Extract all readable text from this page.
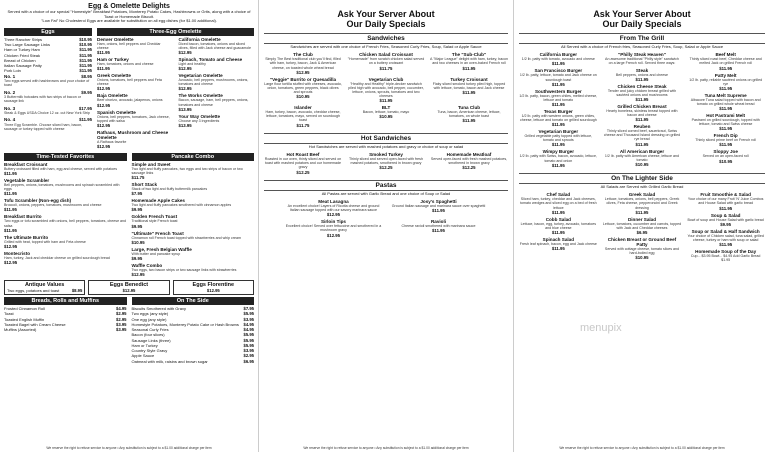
Egg & Omelette Delights
Served with a choice of our special "Homestyle" Breakfast Potatoes, Monterey Potato Cakes, Hashbrowns or Grits, along with a choice of Toast or Homemade Biscuit.
"Low Fat" No Cholesterol Eggs are available for substitution on all egg dishes (for $1.00 additional).
Eggs
Three Rancher Strips	$10.95
Two Large Sausage Links	$10.95
Ham or Turkey Ham	$11.95
Chicken Fried Steak	$11.95
Breast of Chicken	$11.95
Italian Sausage Patty	$11.95
Pork Loin	$11.95
No. 1	$8.95
Two eggs served with hashbrowns and your choice of toast
No. 2	$9.95
3 Buttermilk hotcakes with two strips of bacon or sausage link
No. 3	$17.95
Steak & Eggs USDA Choice 12 oz. cut New York Strip
No. 4	$11.95
Three Egg Scramble. Choose sliced ham, bacon, sausage or turkey topped with cheese
Three-Egg Omelette
Denver Omelette
Ham, onions, bell peppers and Cheddar cheese
$11.95
Ham or Turkey
Ham, tomatoes, onions and cheese
$11.95
Greek Omelette
Onions, tomatoes, bell peppers and Feta cheese
$12.95
Baja Omelette
Beef chorizo, avocado, jalapenos, onions
$12.95
Spanish Omelette
Onions, bell peppers, tomatoes, Jack cheese, topped with salsa
$12.95
Rathaus, Mushroom and Cheese Omelette
A Rathaus favorite
$12.95
California Omelette
Diced bacon, tomatoes, onions and sliced olives, filled with Jack cheese and guacamole
$12.95
Spinach, Tomato and Cheese
Light and healthy
$12.95
Vegetarian Omelette
Avocado, bell peppers, mushrooms, onions, tomatoes and cheese
$12.95
The Works Omelette
Bacon, sausage, ham, bell peppers, onions, tomatoes and cheese
$13.95
Your Way Omelette
Choose any 3 ingredients
$13.95
Time-Tested Favorites
Breakfast Croissant
Buttery croissant filled with ham, egg and cheese, served with potatoes
$11.95
Vegetable Scrambler
Bell peppers, onions, tomatoes, mushrooms and spinach scrambled with eggs
$11.95
Tofu Scrambler (Non-egg dish)
Broccoli, onions, peppers, tomatoes, mushrooms and cheese
$11.95
Breakfast Burrito
Two eggs or tofu scrambled with onions, bell peppers, tomatoes, cheese and salsa
$11.95
The Ultimate Burrito
Grilled with heat, topped with ham and Feta cheese
$12.95
Montecristo
Ham, turkey, Jack and cheddar cheese on grilled sourdough bread
$12.95
Pancake Combo
Simple and Sweet
Two light and fluffy pancakes, two eggs and two strips of bacon or two sausage links
$11.75
Short Stack
Stack of two light and fluffy buttermilk pancakes
$7.95
Homemade Apple Cakes
Two light and fluffy pancakes smothered with cinnamon apples
$9.95
Golden French Toast
Traditional style French toast
$9.95
"Ultimate" French Toast
Cinnamon roll French toast topped with strawberries and whip cream
$10.95
Large, Fresh Belgian Waffle
With butter and pancake syrup
$9.95
Waffle Combo
Two eggs, two bacon strips or two sausage links with strawberries
$12.95
Antique Values
Two eggs, potatoes and toast	$8.95
Eggs Benedict
$12.95
Eggs Florentine
$12.95
Breads, Rolls and Muffins
Frosted Cinnamon Roll	$4.95
Toast	$2.95
Toasted English Muffin	$2.95
Toasted Bagel with Cream Cheese	$3.95
Muffins (Assorted)	$3.95
On The Side
Biscuits Smothered with Gravy	$7.95
Two eggs (any style)	$5.95
One egg (any style)	$3.95
Homestyle Potatoes, Monterey Potato Cake or Hash Browns $4.95
Seasonal Curly Fries	$4.95
Bacon (four slices)	$5.95
Sausage Links (three)	$5.95
Ham or Turkey	$5.95
Country Style Gravy	$3.95
Apple Sauce	$2.95
Oatmeal with milk, raisins and brown sugar	$6.95
We reserve the right to refuse service to anyone • Any substitution is subject to a $1.00 additional charge per item
Ask Your Server About
Our Daily Specials
Sandwiches
Sandwiches are served with one choice of French Fries, Seasoned Curly Fries, Soup, Salad or Apple Sauce
The Club
Simply The Best traditional club you'll find, filled with ham, turkey, bacon, Jack & American cheese, on toasted whole wheat bread
$12.95
Chicken Salad Croissant
"Homemade" from scratch chicken salad served on a buttery croissant
$11.75
The "Sub-Club"
A "Major League" delight with ham, turkey, bacon and two cheeses in an oven-baked French roll
$11.95
"Veggie" Burrito or Quesadilla
Large flour tortilla stuffed with cheeses, avocado, onion, tomatoes, green peppers, black olives and sprouts
$10.95
Vegetarian Club
"Healthy and Healthy" triple-decker sandwich piled high with avocado, bell pepper, cucumber, lettuce, onions, sprouts, tomatoes and two cheeses
$11.95
Turkey Croissant
Flaky sliced smoked turkey piled high, topped with lettuce, tomato, bacon and Jack cheese
$11.95
Islander
Ham, turkey, bacon, avocado, cheddar cheese, lettuce, tomatoes, mayo, served on sourdough toast
$11.75
BLT
Bacon, lettuce, tomato, mayo
$10.95
Tuna Club
Tuna, bacon, American cheese, lettuce, tomatoes, on whole toast
$11.95
Hot Sandwiches
Hot Sandwiches are served with mashed potatoes and gravy or choice of soup or salad
Hot Roast Beef
Roasted in our oven, thinly sliced and served on toast with mashed potatoes and our homemade gravy
$12.25
Smoked Turkey
Thinly sliced and served open-faced with fresh mashed potatoes, smothered in brown gravy
$12.25
Homemade Meatloaf
Served open-faced with fresh mashed potatoes, smothered in brown gravy
$12.25
Pastas
All Pastas are served with Garlic Bread and one choice of Soup or Salad
Meat Lasagna
An excellent choice! Layers of Ricotta cheese and ground Italian sausage topped with our savory marinara sauce
$12.95
Josy's Spaghetti
Ground Italian sausage and marinara sauce over spaghetti
$11.95
Sirloin Tips
Excellent choice! Served over fettuccine and smothered in a mushroom gravy
$12.95
Ravioli
Cheese ravioli smothered with marinara sauce
$11.95
We reserve the right to refuse service to anyone • Any substitution is subject to a $1.00 additional charge per item
Ask Your Server About
Our Daily Specials
From The Grill
All Served with a choice of French fries, Seasoned Curly Fries, Soup, Salad or Apple Sauce
California Burger
1/2 lb. patty with tomato, avocado and cheese
$11.95
San Francisco Burger
1/2 lb. patty, lettuce, tomato and Jack cheese on sourdough toast
$11.95
Southwestern Burger
1/2 lb. patty, bacon, green chiles, melted cheese, lettuce and tomato
$11.95
Texas Burger
1/2 lb. patty with western onions, green chiles, cheese, lettuce and tomato on grilled sourdough
$11.95
Vegetarian Burger
Grilled vegetable patty topped with lettuce, tomato and sprouts
$11.95
Wimpy Burger
1/2 lb. patty with Swiss, bacon, avocado, lettuce, tomato and onion
$11.95
"Philly Steak Heaven"
An awesome traditional "Philly style" sandwich on a large French roll. Served three ways:
Steak
Bell peppers, onions and cheese
$11.95
Chicken Cheese Steak
Tender and juicy chicken breast grilled with sautéed onions and mushrooms
$11.95
Grilled Chicken Breast
Hearty boneless, skinless breast topped with bacon and cheese
$11.95
Reuben
Thinly sliced corned beef, sauerkraut, Swiss cheese and Thousand Island dressing on grilled rye bread
$11.95
All American Burger
1/2 lb. patty with American cheese, lettuce and tomato
$10.95
Beef Melt
Thinly sliced roast beef, Cheddar cheese and melted Jack on grilled French roll
$11.95
Patty Melt
1/2 lb. patty, reliable sautéed onions on grilled rye
$11.95
Tuna Melt Supreme
Albacore Tuna salad topped with bacon and tomato on grilled whole wheat bread
$11.95
Hot Pastrami Melt
Pastrami on grilled sourdough, topped with lettuce, tomato and Swiss cheese
$11.95
French Dip
Thinly sliced prime beef on French roll
$11.95
Sloppy Joe
Served on an open-faced roll
$10.95
On The Lighter Side
All Salads are Served with Grilled Garlic Bread
Chef Salad
Sliced ham, turkey, cheddar and Jack cheeses, tomato wedges and sliced egg on a bed of fresh lettuce
$11.95
Cobb Salad
Lettuce, bacon, egg, turkey, avocado, tomatoes and blue cheese
$11.95
Spinach Salad
Fresh leaf spinach, bacon, egg and Jack cheese
$11.95
Greek Salad
Lettuce, tomatoes, onions, bell peppers, Greek olives, Feta cheese, pepperoncini and Greek dressing
$11.95
Dinner Salad
Lettuce, tomatoes, cucumber and carrots, topped with Jack and Cheddar cheeses
$6.95
Chicken Breast or Ground Beef Patty
Served with cottage cheese, tomato slices and hard-boiled egg
$10.95
Fruit Smoothie & Salad
Your choice of our many Fruit 'N' Juice Combos and House Salad with garlic bread
$11.95
Soup & Salad
Bowl of soup and House Salad with garlic bread
$9.95
Soup or Salad & Half Sandwich
Your choice of Chicken salad, tuna salad, grilled cheese, turkey or ham with soup or salad
$11.95
Homemade Soup of the Day
Cup... $3.95 Bowl... $4.95 Add Garlic Bread $1.95
We reserve the right to refuse service to anyone • Any substitution is subject to a $1.00 additional charge per item
menupix
